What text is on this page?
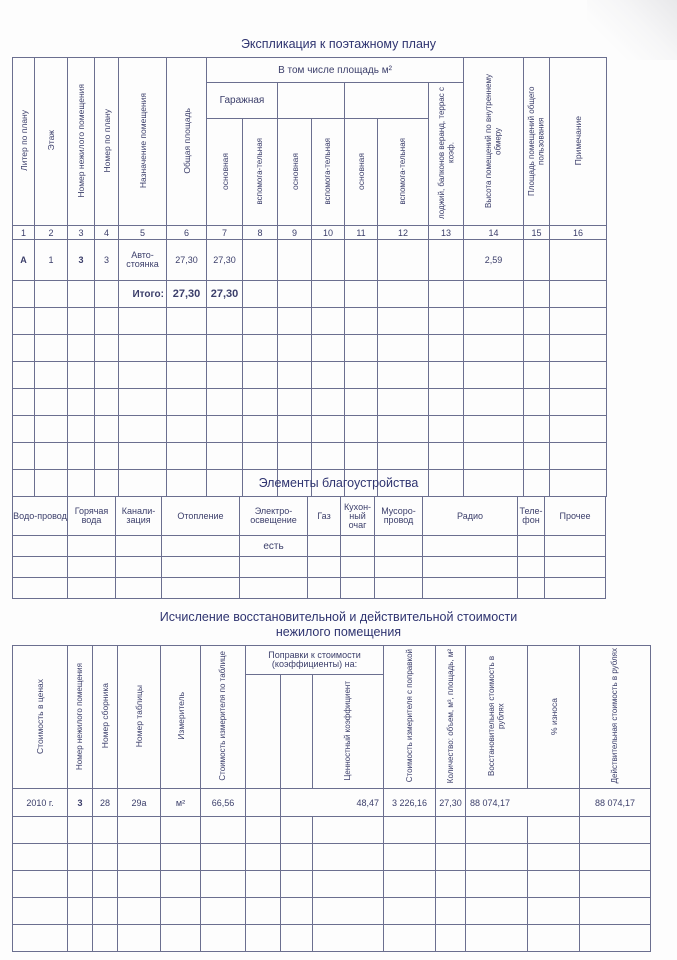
Экспликация к поэтажному плану
Литер по плану	Этаж	Номер нежилого помещения	Номер по плану	Назначение помещения	Общая площадь	В том числе площадь м²							Высота помещений по внутреннему обмеру	Площадь помещений общего пользования	Примечание
						Гаражная						лоджий, балконов веранд, террас с коэф.			
						основная	вспомога-тельная	основная	вспомога-тельная	основная	вспомога-тельная				
1	2	3	4	5	6	7	8	9	10	11	12	13	14	15	16
А	1	3	3	Авто-стоянка	27,30	27,30							2,59		
				Итого:	27,30	27,30									

Элементы благоустройства
Водо-провод	Горячая вода	Канали-зация	Отопление	Электро-освещение	Газ	Кухон-ный очаг	Мусоро-провод	Радио	Теле-фон	Прочее
				есть						

Исчисление восстановительной и действительной стоимости
нежилого помещения
Стоимость в ценах	Номер нежилого помещения	Номер сборника	Номер таблицы	Измеритель	Стоимость измерителя по таблице	Поправки к стоимости (коэффициенты) на:			Стоимость измерителя с поправкой	Количество: объем, м³, площадь, м²	Восстановительная стоимость в рублях	% износа	Действительная стоимость в рублях
								Ценностный коэффициент					
2010 г.	3	28	29а	м²	66,56		48,47		3 226,16	27,30	88 074,17		88 074,17
